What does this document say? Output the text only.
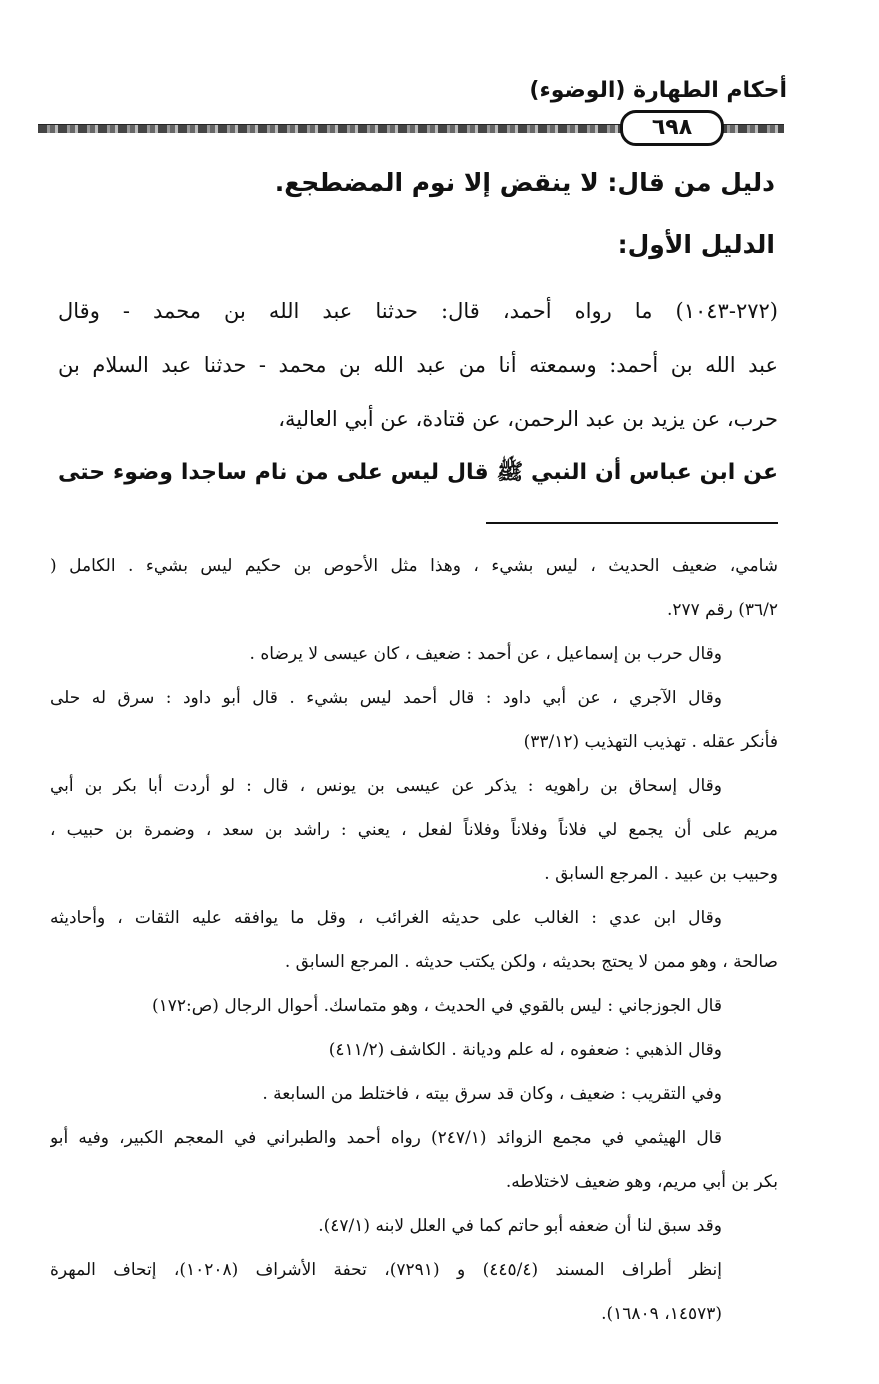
أحكام الطهارة (الوضوء)
٦٩٨
دليل من قال: لا ينقض إلا نوم المضطجع.
الدليل الأول:
(٢٧٢-١٠٤٣) ما رواه أحمد، قال: حدثنا عبد الله بن محمد - وقال
عبد الله بن أحمد: وسمعته أنا من عبد الله بن محمد - حدثنا عبد السلام بن
حرب، عن يزيد بن عبد الرحمن، عن قتادة، عن أبي العالية،
عن ابن عباس أن النبي ﷺ قال ليس على من نام ساجدا وضوء حتى
شامي، ضعيف الحديث ، ليس بشيء ، وهذا مثل الأحوص بن حكيم ليس بشيء . الكامل (
٣٦/٢) رقم ٢٧٧.
وقال حرب بن إسماعيل ، عن أحمد : ضعيف ، كان عيسى لا يرضاه .
وقال الآجري ، عن أبي داود : قال أحمد ليس بشيء . قال أبو داود : سرق له حلى
فأنكر عقله . تهذيب التهذيب (٣٣/١٢)
وقال إسحاق بن راهويه : يذكر عن عيسى بن يونس ، قال : لو أردت أبا بكر بن أبي
مريم على أن يجمع لي فلاناً وفلاناً وفلاناً لفعل ، يعني : راشد بن سعد ، وضمرة بن حبيب ،
وحبيب بن عبيد . المرجع السابق .
وقال ابن عدي : الغالب على حديثه الغرائب ، وقل ما يوافقه عليه الثقات ، وأحاديثه
صالحة ، وهو ممن لا يحتج بحديثه ، ولكن يكتب حديثه . المرجع السابق .
قال الجوزجاني : ليس بالقوي في الحديث ، وهو متماسك. أحوال الرجال (ص:١٧٢)
وقال الذهبي : ضعفوه ، له علم وديانة . الكاشف (٤١١/٢)
وفي التقريب : ضعيف ، وكان قد سرق بيته ، فاختلط من السابعة .
قال الهيثمي في مجمع الزوائد (٢٤٧/١) رواه أحمد والطبراني في المعجم الكبير، وفيه أبو
بكر بن أبي مريم، وهو ضعيف لاختلاطه.
وقد سبق لنا أن ضعفه أبو حاتم كما في العلل لابنه (٤٧/١).
إنظر أطراف المسند (٤٤٥/٤) و (٧٢٩١)، تحفة الأشراف (١٠٢٠٨)، إتحاف المهرة
(١٤٥٧٣، ١٦٨٠٩).
